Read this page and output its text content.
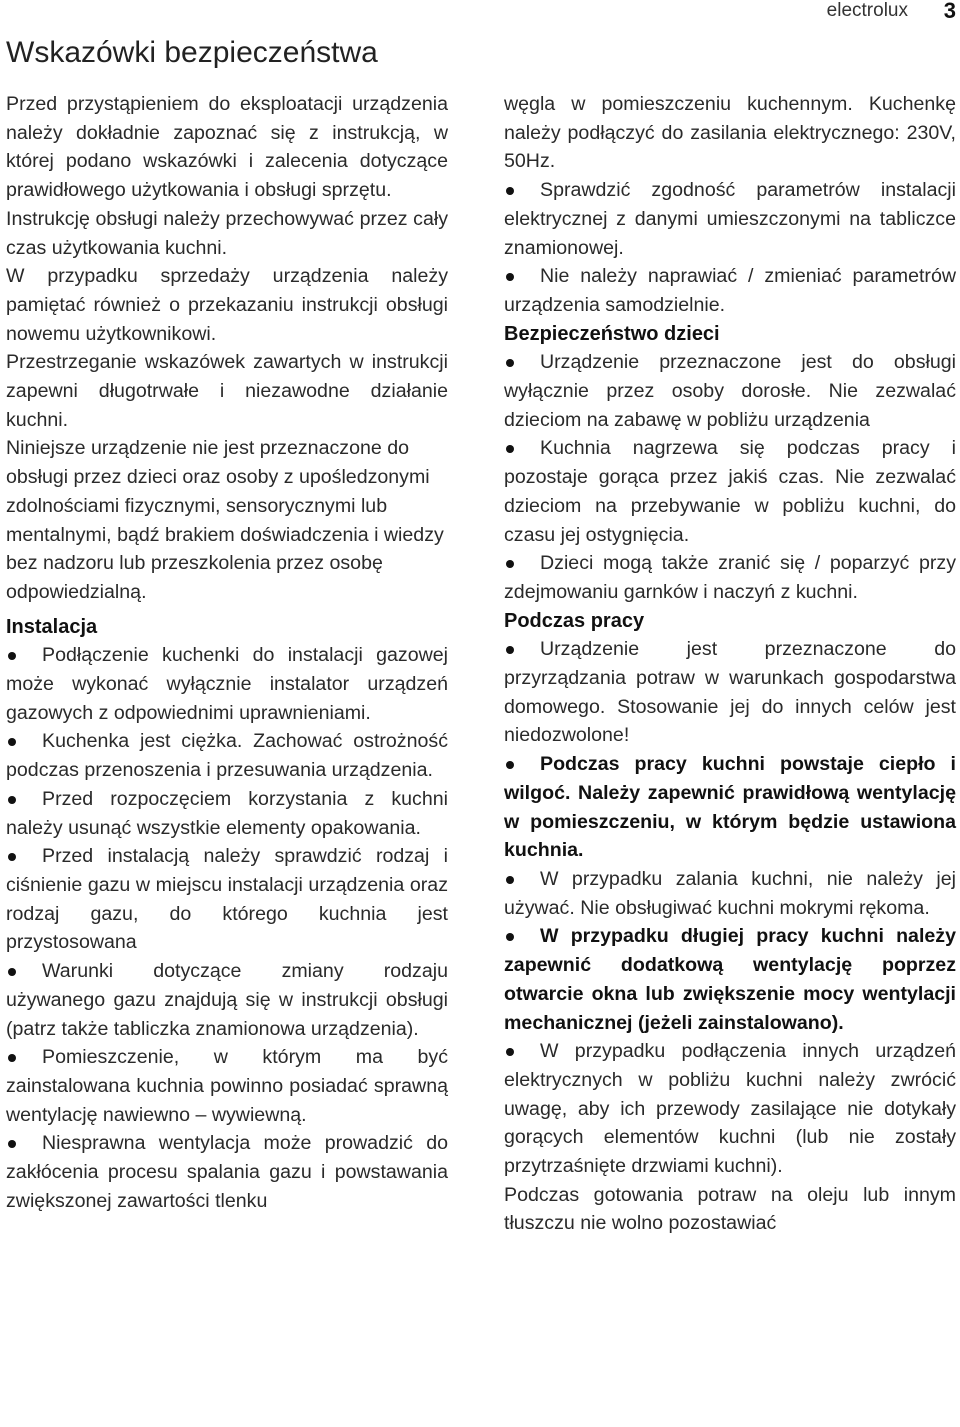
electrolux 3
Wskazówki bezpieczeństwa

Przed przystąpieniem do eksploatacji urządzenia należy dokładnie zapoznać się z instrukcją, w której podano wskazówki i zalecenia dotyczące prawidłowego użytkowania i obsługi sprzętu.

Instrukcję obsługi należy przechowywać przez cały czas użytkowania kuchni.

W przypadku sprzedaży urządzenia należy pamiętać również o przekazaniu instrukcji obsługi nowemu użytkownikowi.

Przestrzeganie wskazówek zawartych w instrukcji zapewni długotrwałe i niezawodne działanie kuchni.

Niniejsze urządzenie nie jest przeznaczone do obsługi przez dzieci oraz osoby z upośledzonymi zdolnościami fizycznymi, sensorycznymi lub mentalnymi, bądź brakiem doświadczenia i wiedzy bez nadzoru lub przeszkolenia przez osobę odpowiedzialną.

Instalacja

Podłączenie kuchenki do instalacji gazowej może wykonać wyłącznie instalator urządzeń gazowych z odpowiednimi uprawnieniami.

Kuchenka jest ciężka. Zachować ostrożność podczas przenoszenia i przesuwania urządzenia.

Przed rozpoczęciem korzystania z kuchni należy usunąć wszystkie elementy opakowania.

Przed instalacją należy sprawdzić rodzaj i ciśnienie gazu w miejscu instalacji urządzenia oraz rodzaj gazu, do którego kuchnia jest przystosowana

Warunki dotyczące zmiany rodzaju używanego gazu znajdują się w instrukcji obsługi (patrz także tabliczka znamionowa urządzenia).

Pomieszczenie, w którym ma być zainstalowana kuchnia powinno posiadać sprawną wentylację nawiewno – wywiewną.

Niesprawna wentylacja może prowadzić do zakłócenia procesu spalania gazu i powstawania zwiększonej zawartości tlenku

węgla w pomieszczeniu kuchennym. Kuchenkę należy podłączyć do zasilania elektrycznego: 230V, 50Hz.

Sprawdzić zgodność parametrów instalacji elektrycznej z danymi umieszczonymi na tabliczce znamionowej.

Nie należy naprawiać / zmieniać parametrów urządzenia samodzielnie.

Bezpieczeństwo dzieci

Urządzenie przeznaczone jest do obsługi wyłącznie przez osoby dorosłe. Nie zezwalać dzieciom na zabawę w pobliżu urządzenia

Kuchnia nagrzewa się podczas pracy i pozostaje gorąca przez jakiś czas. Nie zezwalać dzieciom na przebywanie w pobliżu kuchni, do czasu jej ostygnięcia.

Dzieci mogą także zranić się / poparzyć przy zdejmowaniu garnków i naczyń z kuchni.

Podczas pracy

Urządzenie jest przeznaczone do przyrządzania potraw w warunkach gospodarstwa domowego. Stosowanie jej do innych celów jest niedozwolone!

Podczas pracy kuchni powstaje ciepło i wilgoć. Należy zapewnić prawidłową wentylację w pomieszczeniu, w którym będzie ustawiona kuchnia.

W przypadku zalania kuchni, nie należy jej używać. Nie obsługiwać kuchni mokrymi rękoma.

W przypadku długiej pracy kuchni należy zapewnić dodatkową wentylację poprzez otwarcie okna lub zwiększenie mocy wentylacji mechanicznej (jeżeli zainstalowano).

W przypadku podłączenia innych urządzeń elektrycznych w pobliżu kuchni należy zwrócić uwagę, aby ich przewody zasilające nie dotykały gorących elementów kuchni (lub nie zostały przytrzaśnięte drzwiami kuchni).

Podczas gotowania potraw na oleju lub innym tłuszczu nie wolno pozostawiać
